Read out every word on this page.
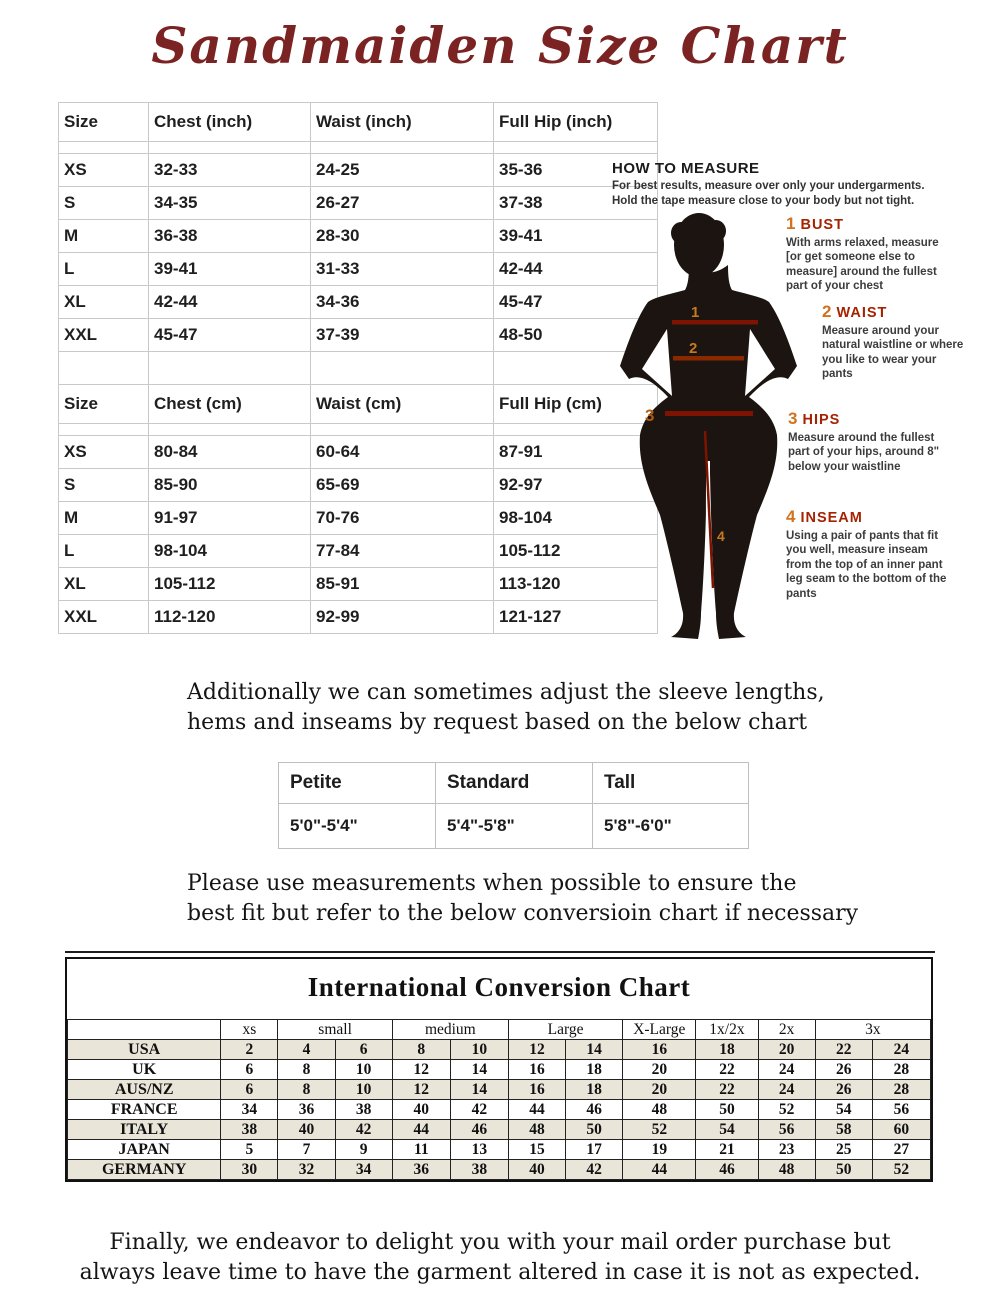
Sandmaiden Size Chart
Size	Chest (inch)	Waist (inch)	Full Hip (inch)

XS	32-33	24-25	35-36
S	34-35	26-27	37-38
M	36-38	28-30	39-41
L	39-41	31-33	42-44
XL	42-44	34-36	45-47
XXL	45-47	37-39	48-50

Size	Chest (cm)	Waist (cm)	Full Hip (cm)

XS	80-84	60-64	87-91
S	85-90	65-69	92-97
M	91-97	70-76	98-104
L	98-104	77-84	105-112
XL	105-112	85-91	113-120
XXL	112-120	92-99	121-127
HOW TO MEASURE
For best results, measure over only your undergarments.
Hold the tape measure close to your body but not tight.
1
2
3
4
1 BUST
With arms relaxed, measure [or get someone else to measure] around the fullest part of your chest
2 WAIST
Measure around your natural waistline or where you like to wear your pants
3 HIPS
Measure around the fullest part of your hips, around 8" below your waistline
4 INSEAM
Using a pair of pants that fit you well, measure inseam from the top of an inner pant leg seam to the bottom of the pants
Additionally we can sometimes adjust the sleeve lengths,
hems and inseams by request based on the below chart
Petite	Standard	Tall
5'0"-5'4"	5'4"-5'8"	5'8"-6'0"
Please use measurements when possible to ensure the
best fit but refer to the below conversioin chart if necessary
International Conversion Chart
	xs	small		medium		Large		X-Large	1x/2x	2x	3x	
USA	2	4	6	8	10	12	14	16	18	20	22	24
UK	6	8	10	12	14	16	18	20	22	24	26	28
AUS/NZ	6	8	10	12	14	16	18	20	22	24	26	28
FRANCE	34	36	38	40	42	44	46	48	50	52	54	56
ITALY	38	40	42	44	46	48	50	52	54	56	58	60
JAPAN	5	7	9	11	13	15	17	19	21	23	25	27
GERMANY	30	32	34	36	38	40	42	44	46	48	50	52
Finally, we endeavor to delight you with your mail order purchase but
always leave time to have the garment altered in case it is not as expected.
